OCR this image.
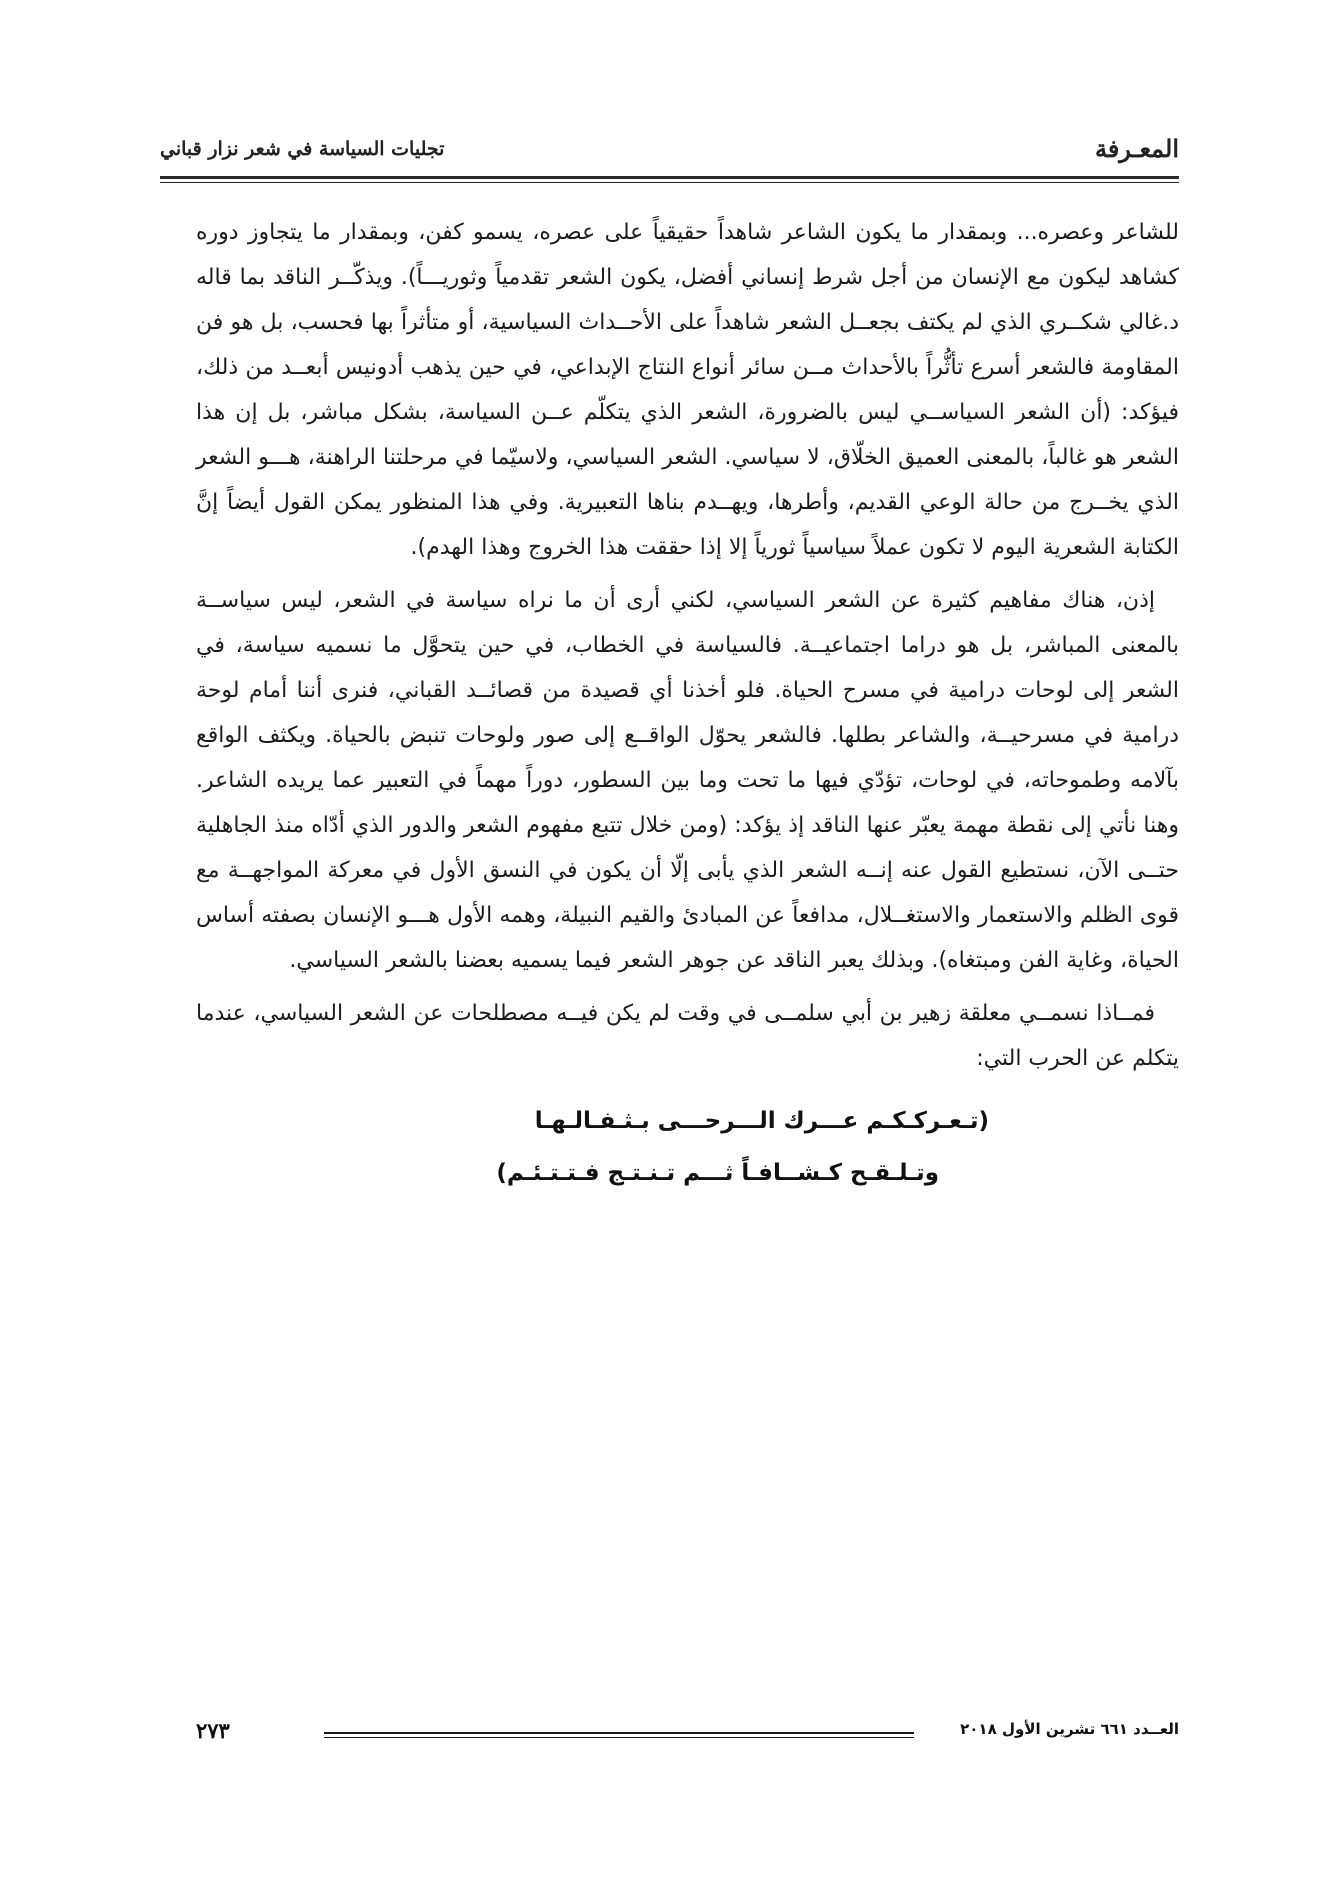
المعـرفة
تجليات السياسة في شعر نزار قباني

للشاعر وعصره... وبمقدار ما يكون الشاعر شاهداً حقيقياً على عصره، يسمو كفن، وبمقدار ما يتجاوز دوره كشاهد ليكون مع الإنسان من أجل شرط إنساني أفضل، يكون الشعر تقدمياً وثوريـــاً). ويذكّــر الناقد بما قاله د.غالي شكــري الذي لم يكتف بجعــل الشعر شاهداً على الأحــداث السياسية، أو متأثراً بها فحسب، بل هو فن المقاومة فالشعر أسرع تأثُّراً بالأحداث مــن سائر أنواع النتاج الإبداعي، في حين يذهب أدونيس أبعــد من ذلك، فيؤكد: (أن الشعر السياســي ليس بالضرورة، الشعر الذي يتكلّم عــن السياسة، بشكل مباشر، بل إن هذا الشعر هو غالباً، بالمعنى العميق الخلّاق، لا سياسي. الشعر السياسي، ولاسيّما في مرحلتنا الراهنة، هـــو الشعر الذي يخــرج من حالة الوعي القديم، وأطرها، ويهــدم بناها التعبيرية. وفي هذا المنظور يمكن القول أيضاً إنَّ الكتابة الشعرية اليوم لا تكون عملاً سياسياً ثورياً إلا إذا حققت هذا الخروج وهذا الهدم).

إذن، هناك مفاهيم كثيرة عن الشعر السياسي، لكني أرى أن ما نراه سياسة في الشعر، ليس سياســة بالمعنى المباشر، بل هو دراما اجتماعيــة. فالسياسة في الخطاب، في حين يتحوَّل ما نسميه سياسة، في الشعر إلى لوحات درامية في مسرح الحياة. فلو أخذنا أي قصيدة من قصائــد القباني، فنرى أننا أمام لوحة درامية في مسرحيــة، والشاعر بطلها. فالشعر يحوّل الواقــع إلى صور ولوحات تنبض بالحياة. ويكثف الواقع بآلامه وطموحاته، في لوحات، تؤدّي فيها ما تحت وما بين السطور، دوراً مهماً في التعبير عما يريده الشاعر. وهنا نأتي إلى نقطة مهمة يعبّر عنها الناقد إذ يؤكد: (ومن خلال تتبع مفهوم الشعر والدور الذي أدّاه منذ الجاهلية حتــى الآن، نستطيع القول عنه إنــه الشعر الذي يأبى إلّا أن يكون في النسق الأول في معركة المواجهــة مع قوى الظلم والاستعمار والاستغــلال، مدافعاً عن المبادئ والقيم النبيلة، وهمه الأول هـــو الإنسان بصفته أساس الحياة، وغاية الفن ومبتغاه). وبذلك يعبر الناقد عن جوهر الشعر فيما يسميه بعضنا بالشعر السياسي.

فمــاذا نسمــي معلقة زهير بن أبي سلمــى في وقت لم يكن فيــه مصطلحات عن الشعر السياسي، عندما يتكلم عن الحرب التي:

(تـعـركـكـم عـــرك الـــرحـــى بـثـفـالـهـا
وتـلـقـح كـشــافـاً ثـــم تـنـتـج فـتـتـئـم)
٢٧٣	العــدد ٦٦١ تشرين الأول ٢٠١٨
